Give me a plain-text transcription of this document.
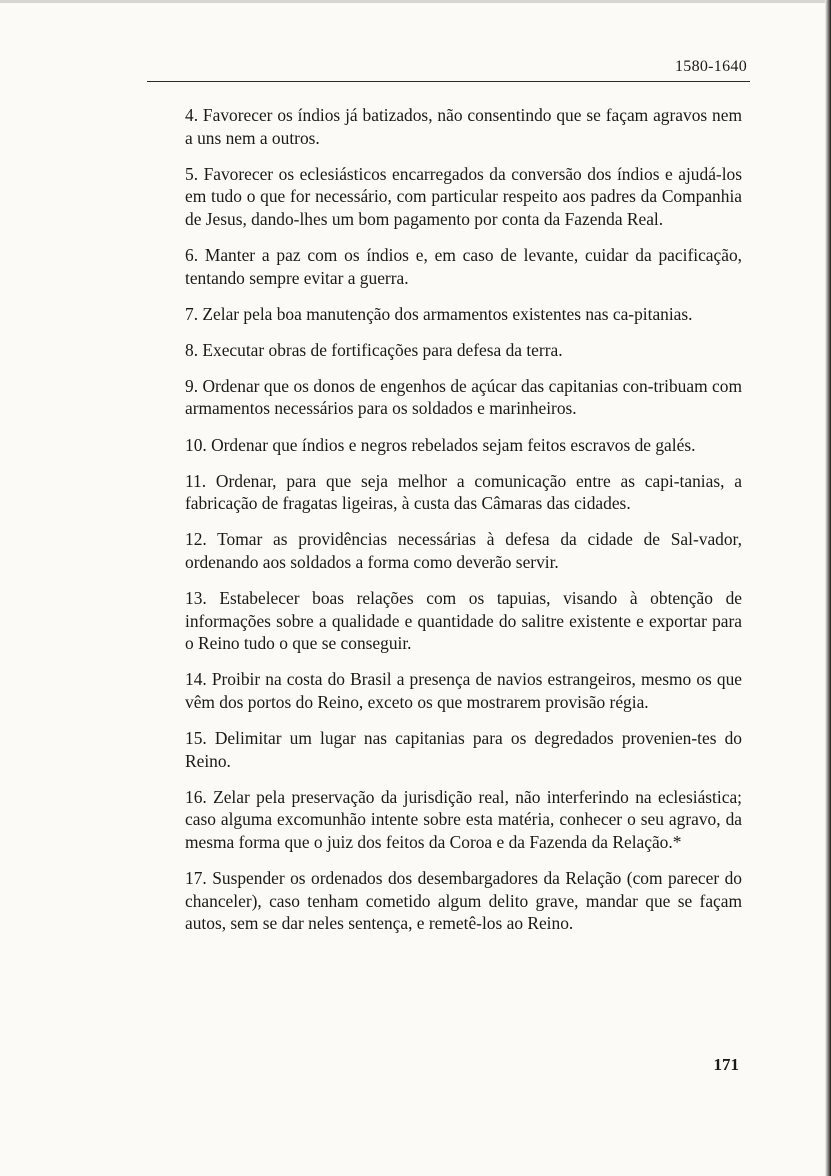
1580-1640

4. Favorecer os índios já batizados, não consentindo que se façam agravos nem a uns nem a outros.
5. Favorecer os eclesiásticos encarregados da conversão dos índios e ajudá-los em tudo o que for necessário, com particular respeito aos padres da Companhia de Jesus, dando-lhes um bom pagamento por conta da Fazenda Real.
6. Manter a paz com os índios e, em caso de levante, cuidar da pacificação, tentando sempre evitar a guerra.
7. Zelar pela boa manutenção dos armamentos existentes nas ca-pitanias.
8. Executar obras de fortificações para defesa da terra.
9. Ordenar que os donos de engenhos de açúcar das capitanias con-tribuam com armamentos necessários para os soldados e marinheiros.
10. Ordenar que índios e negros rebelados sejam feitos escravos de galés.
11. Ordenar, para que seja melhor a comunicação entre as capi-tanias, a fabricação de fragatas ligeiras, à custa das Câmaras das cidades.
12. Tomar as providências necessárias à defesa da cidade de Sal-vador, ordenando aos soldados a forma como deverão servir.
13. Estabelecer boas relações com os tapuias, visando à obtenção de informações sobre a qualidade e quantidade do salitre existente e exportar para o Reino tudo o que se conseguir.
14. Proibir na costa do Brasil a presença de navios estrangeiros, mesmo os que vêm dos portos do Reino, exceto os que mostrarem provisão régia.
15. Delimitar um lugar nas capitanias para os degredados provenien-tes do Reino.
16. Zelar pela preservação da jurisdição real, não interferindo na eclesiástica; caso alguma excomunhão intente sobre esta matéria, conhecer o seu agravo, da mesma forma que o juiz dos feitos da Coroa e da Fazenda da Relação.*
17. Suspender os ordenados dos desembargadores da Relação (com parecer do chanceler), caso tenham cometido algum delito grave, mandar que se façam autos, sem se dar neles sentença, e remetê-los ao Reino.

171
